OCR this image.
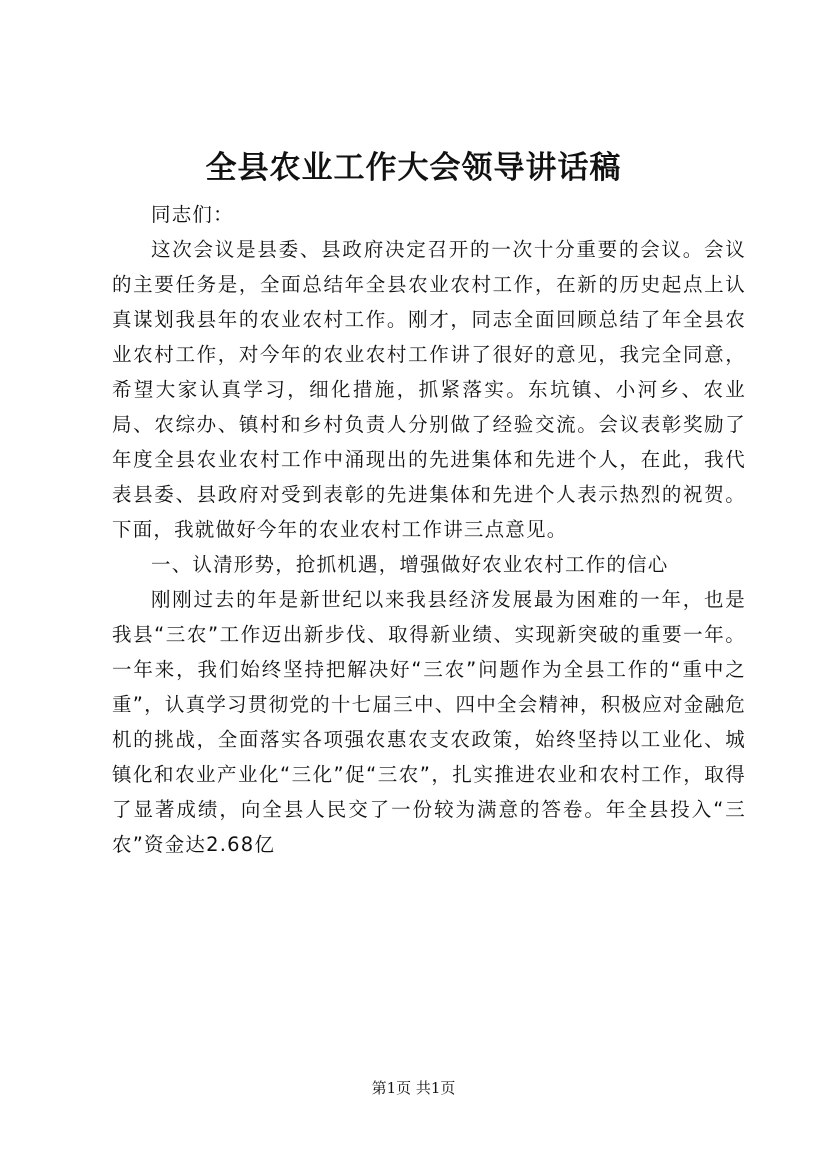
全县农业工作大会领导讲话稿

同志们：

这次会议是县委、县政府决定召开的一次十分重要的会议。会议的主要任务是，全面总结年全县农业农村工作，在新的历史起点上认真谋划我县年的农业农村工作。刚才，同志全面回顾总结了年全县农业农村工作，对今年的农业农村工作讲了很好的意见，我完全同意，希望大家认真学习，细化措施，抓紧落实。东坑镇、小河乡、农业局、农综办、镇村和乡村负责人分别做了经验交流。会议表彰奖励了年度全县农业农村工作中涌现出的先进集体和先进个人，在此，我代表县委、县政府对受到表彰的先进集体和先进个人表示热烈的祝贺。下面，我就做好今年的农业农村工作讲三点意见。

一、认清形势，抢抓机遇，增强做好农业农村工作的信心

刚刚过去的年是新世纪以来我县经济发展最为困难的一年，也是我县“三农”工作迈出新步伐、取得新业绩、实现新突破的重要一年。一年来，我们始终坚持把解决好“三农”问题作为全县工作的“重中之重”，认真学习贯彻党的十七届三中、四中全会精神，积极应对金融危机的挑战，全面落实各项强农惠农支农政策，始终坚持以工业化、城镇化和农业产业化“三化”促“三农”，扎实推进农业和农村工作，取得了显著成绩，向全县人民交了一份较为满意的答卷。年全县投入“三农”资金达2.68亿

第1页 共1页
